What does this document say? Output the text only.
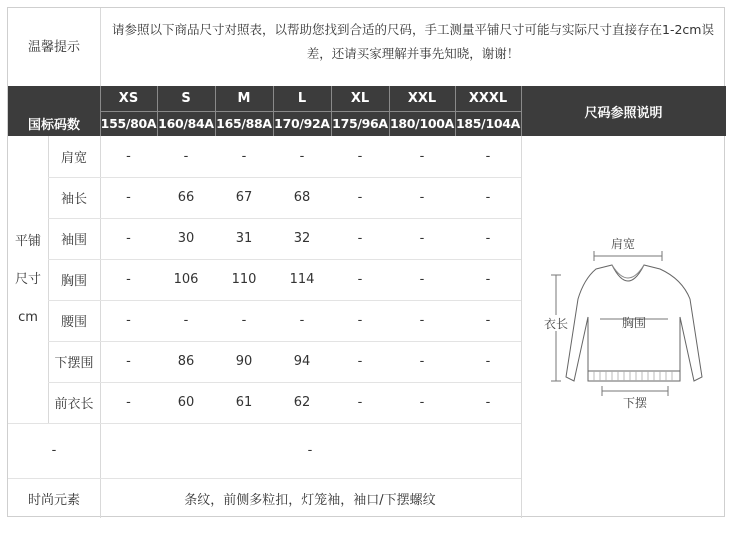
温馨提示
请参照以下商品尺寸对照表，以帮助您找到合适的尺码，手工测量平铺尺寸可能与实际尺寸直接存在1-2cm误差，还请买家理解并事先知晓，谢谢！
国标码数
XS	S	M	L	XL	XXL	XXXL
155/80A 160/84A 165/88A 170/92A 175/96A 180/100A 185/104A
尺码参照说明
平铺
尺寸
cm
肩宽	-	-	-	-	-	-	-
袖长	-	66	67	68	-	-	-
袖围	-	30	31	32	-	-	-
胸围	-	106	110	114	-	-	-
腰围	-	-	-	-	-	-	-
下摆围	-	86	90	94	-	-	-
前衣长	-	60	61	62	-	-	-
-	-
时尚元素	条纹，前侧多粒扣，灯笼袖，袖口/下摆螺纹
肩宽
胸围
衣长
下摆
